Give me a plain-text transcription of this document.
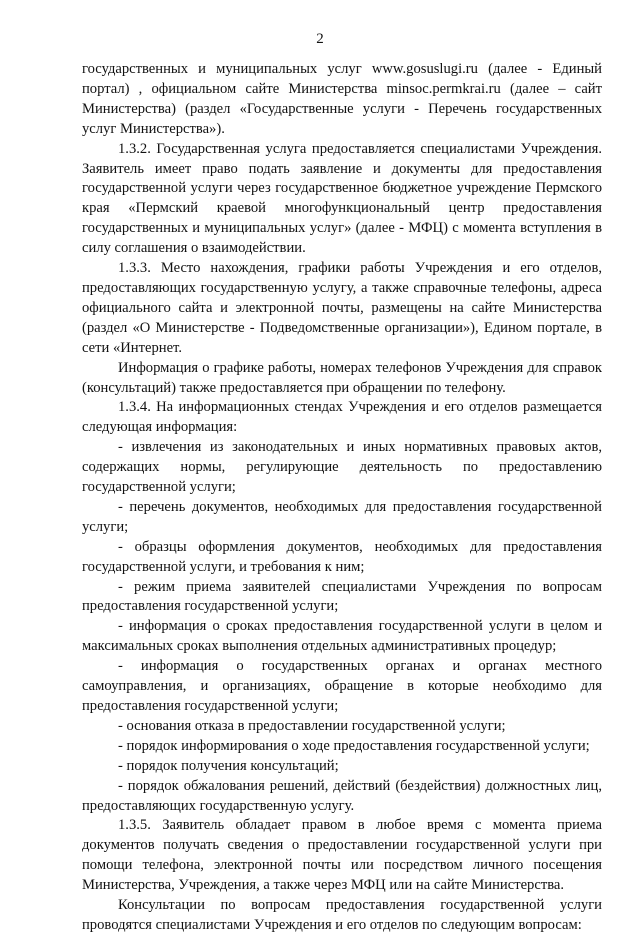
2

государственных и муниципальных услуг www.gosuslugi.ru (далее - Единый портал) , официальном сайте Министерства minsoc.permkrai.ru (далее – сайт Министерства) (раздел «Государственные услуги - Перечень государственных услуг Министерства»).

1.3.2. Государственная услуга предоставляется специалистами Учреждения. Заявитель имеет право подать заявление и документы для предоставления государственной услуги через государственное бюджетное учреждение Пермского края «Пермский краевой многофункциональный центр предоставления государственных и муниципальных услуг» (далее - МФЦ) с момента вступления в силу соглашения о взаимодействии.

1.3.3. Место нахождения, графики работы Учреждения и его отделов, предоставляющих государственную услугу, а также справочные телефоны, адреса официального сайта и электронной почты, размещены на сайте Министерства (раздел «О Министерстве - Подведомственные организации»), Едином портале, в сети «Интернет.

Информация о графике работы, номерах телефонов Учреждения для справок (консультаций) также предоставляется при обращении по телефону.

1.3.4. На информационных стендах Учреждения и его отделов размещается следующая информация:

- извлечения из законодательных и иных нормативных правовых актов, содержащих нормы, регулирующие деятельность по предоставлению государственной услуги;

- перечень документов, необходимых для предоставления государственной услуги;

- образцы оформления документов, необходимых для предоставления государственной услуги, и требования к ним;

- режим приема заявителей специалистами Учреждения по вопросам предоставления государственной услуги;

- информация о сроках предоставления государственной услуги в целом и максимальных сроках выполнения отдельных административных процедур;

- информация о государственных органах и органах местного самоуправления, и организациях, обращение в которые необходимо для предоставления государственной услуги;

- основания отказа в предоставлении государственной услуги;

- порядок информирования о ходе предоставления государственной услуги;

- порядок получения консультаций;

- порядок обжалования решений, действий (бездействия) должностных лиц, предоставляющих государственную услугу.

1.3.5. Заявитель обладает правом в любое время с момента приема документов получать сведения о предоставлении государственной услуги при помощи телефона, электронной почты или посредством личного посещения Министерства, Учреждения, а также через МФЦ или на сайте Министерства.

Консультации по вопросам предоставления государственной услуги проводятся специалистами Учреждения и его отделов по следующим вопросам:
